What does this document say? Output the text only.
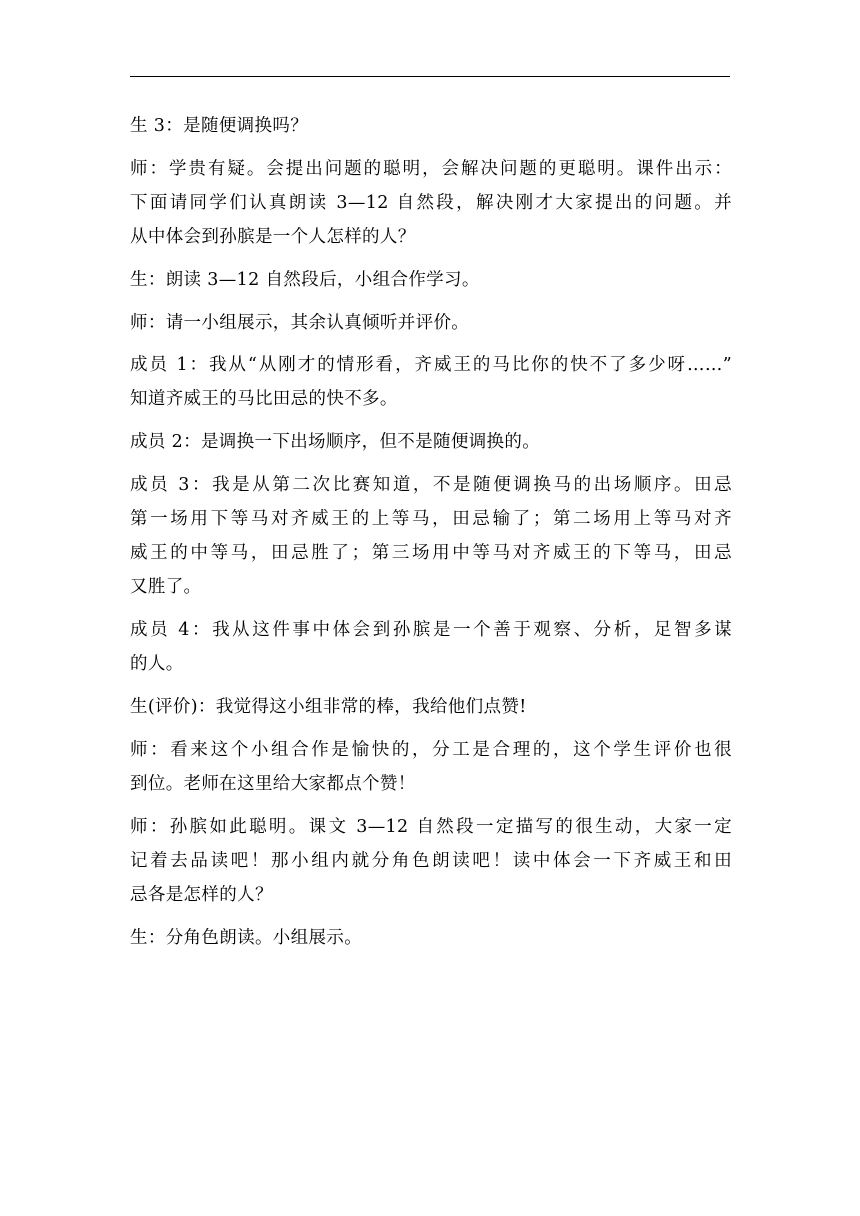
生 3：是随便调换吗？
师：学贵有疑。会提出问题的聪明，会解决问题的更聪明。课件出示：
下面请同学们认真朗读 3—12 自然段，解决刚才大家提出的问题。并
从中体会到孙膑是一个人怎样的人？
生：朗读 3—12 自然段后，小组合作学习。
师：请一小组展示，其余认真倾听并评价。
成员 1：我从“从刚才的情形看，齐威王的马比你的快不了多少呀……”
知道齐威王的马比田忌的快不多。
成员 2：是调换一下出场顺序，但不是随便调换的。
成员 3：我是从第二次比赛知道，不是随便调换马的出场顺序。田忌
第一场用下等马对齐威王的上等马，田忌输了；第二场用上等马对齐
威王的中等马，田忌胜了；第三场用中等马对齐威王的下等马，田忌
又胜了。
成员 4：我从这件事中体会到孙膑是一个善于观察、分析，足智多谋
的人。
生(评价)：我觉得这小组非常的棒，我给他们点赞!
师：看来这个小组合作是愉快的，分工是合理的，这个学生评价也很
到位。老师在这里给大家都点个赞！
师：孙膑如此聪明。课文 3—12 自然段一定描写的很生动，大家一定
记着去品读吧！那小组内就分角色朗读吧！读中体会一下齐威王和田
忌各是怎样的人？
生：分角色朗读。小组展示。
